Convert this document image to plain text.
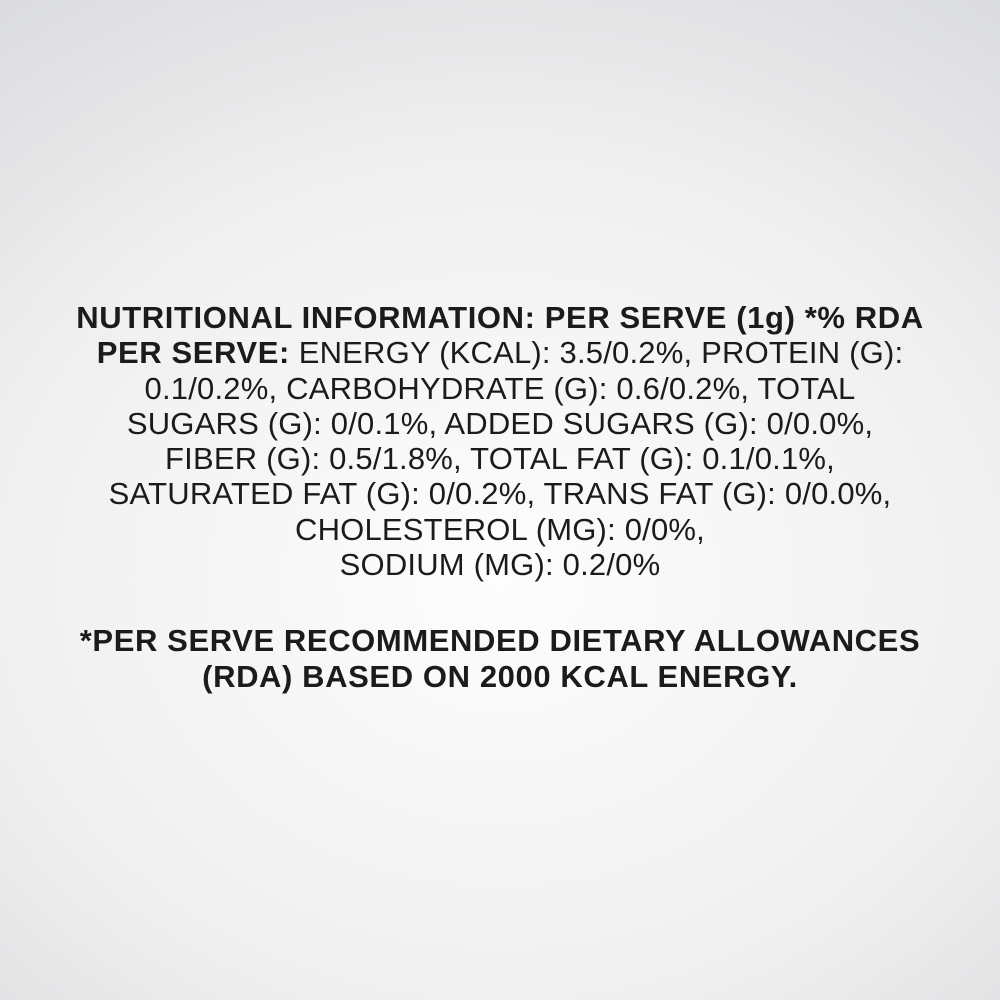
NUTRITIONAL INFORMATION: PER SERVE (1g) *% RDA
PER SERVE: ENERGY (KCAL): 3.5/0.2%, PROTEIN (G):
0.1/0.2%, CARBOHYDRATE (G): 0.6/0.2%, TOTAL
SUGARS (G): 0/0.1%, ADDED SUGARS (G): 0/0.0%,
FIBER (G): 0.5/1.8%, TOTAL FAT (G): 0.1/0.1%,
SATURATED FAT (G): 0/0.2%, TRANS FAT (G): 0/0.0%,
CHOLESTEROL (MG): 0/0%,
SODIUM (MG): 0.2/0%
*PER SERVE RECOMMENDED DIETARY ALLOWANCES
(RDA) BASED ON 2000 KCAL ENERGY.
